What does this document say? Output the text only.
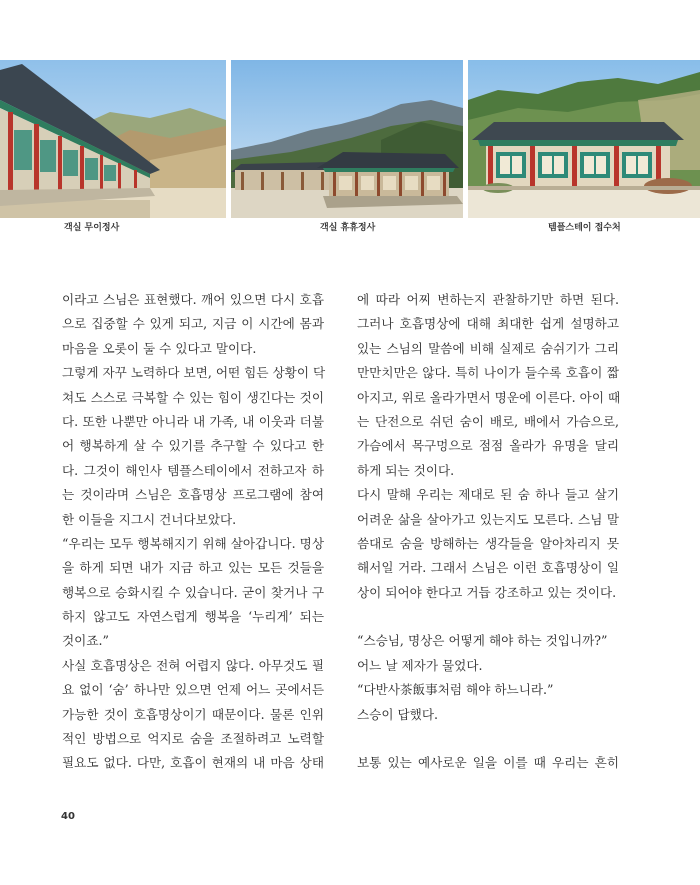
객실 무이정사	객실 휴휴정사	템플스테이 접수처
이라고 스님은 표현했다. 깨어 있으면 다시 호흡
으로 집중할 수 있게 되고, 지금 이 시간에 몸과
마음을 오롯이 둘 수 있다고 말이다.
그렇게 자꾸 노력하다 보면, 어떤 힘든 상황이 닥
쳐도 스스로 극복할 수 있는 힘이 생긴다는 것이
다. 또한 나뿐만 아니라 내 가족, 내 이웃과 더불
어 행복하게 살 수 있기를 추구할 수 있다고 한
다. 그것이 해인사 템플스테이에서 전하고자 하
는 것이라며 스님은 호흡명상 프로그램에 참여
한 이들을 지그시 건너다보았다.
“우리는 모두 행복해지기 위해 살아갑니다. 명상
을 하게 되면 내가 지금 하고 있는 모든 것들을
행복으로 승화시킬 수 있습니다. 굳이 찾거나 구
하지 않고도 자연스럽게 행복을 ‘누리게’ 되는
것이죠.”
사실 호흡명상은 전혀 어렵지 않다. 아무것도 필
요 없이 ‘숨’ 하나만 있으면 언제 어느 곳에서든
가능한 것이 호흡명상이기 때문이다. 물론 인위
적인 방법으로 억지로 숨을 조절하려고 노력할
필요도 없다. 다만, 호흡이 현재의 내 마음 상태
에 따라 어찌 변하는지 관찰하기만 하면 된다.
그러나 호흡명상에 대해 최대한 쉽게 설명하고
있는 스님의 말씀에 비해 실제로 숨쉬기가 그리
만만치만은 않다. 특히 나이가 들수록 호흡이 짧
아지고, 위로 올라가면서 명운에 이른다. 아이 때
는 단전으로 쉬던 숨이 배로, 배에서 가슴으로,
가슴에서 목구멍으로 점점 올라가 유명을 달리
하게 되는 것이다.
다시 말해 우리는 제대로 된 숨 하나 들고 살기
어려운 삶을 살아가고 있는지도 모른다. 스님 말
씀대로 숨을 방해하는 생각들을 알아차리지 못
해서일 거라. 그래서 스님은 이런 호흡명상이 일
상이 되어야 한다고 거듭 강조하고 있는 것이다.
“스승님, 명상은 어떻게 해야 하는 것입니까?”
어느 날 제자가 물었다.
“다반사茶飯事처럼 해야 하느니라.”
스승이 답했다.
보통 있는 예사로운 일을 이를 때 우리는 흔히
40
